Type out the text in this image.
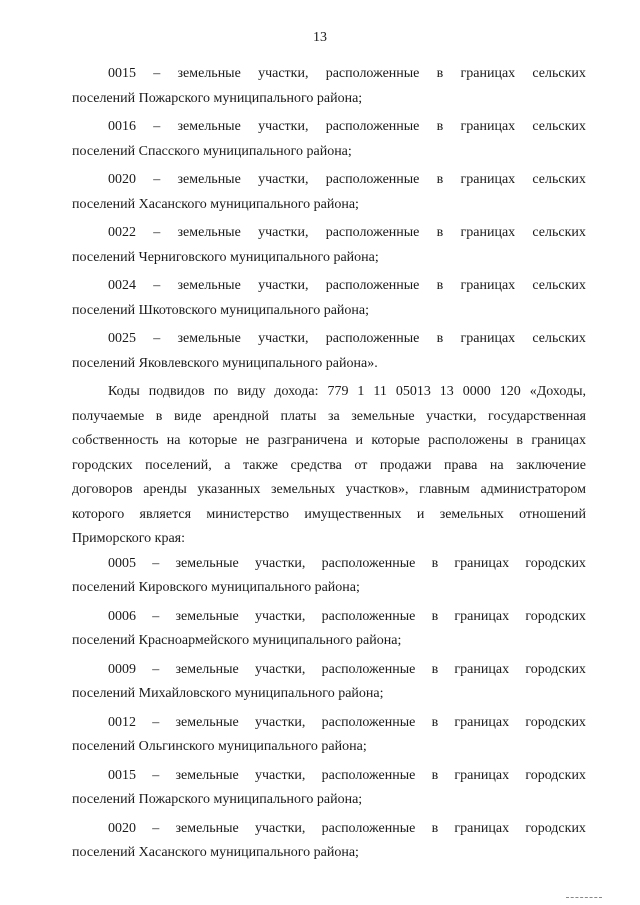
13
0015 – земельные участки, расположенные в границах сельских
поселений Пожарского муниципального района;
0016 – земельные участки, расположенные в границах сельских
поселений Спасского муниципального района;
0020 – земельные участки, расположенные в границах сельских
поселений Хасанского муниципального района;
0022 – земельные участки, расположенные в границах сельских
поселений Черниговского муниципального района;
0024 – земельные участки, расположенные в границах сельских
поселений Шкотовского муниципального района;
0025 – земельные участки, расположенные в границах сельских
поселений Яковлевского муниципального района».
Коды подвидов по виду дохода: 779 1 11 05013 13 0000 120 «Доходы,
получаемые в виде арендной платы за земельные участки, государственная
собственность на которые не разграничена и которые расположены в границах
городских поселений, а также средства от продажи права на заключение
договоров аренды указанных земельных участков», главным администратором
которого является министерство имущественных и земельных отношений
Приморского края:
0005 – земельные участки, расположенные в границах городских
поселений Кировского муниципального района;
0006 – земельные участки, расположенные в границах городских
поселений Красноармейского муниципального района;
0009 – земельные участки, расположенные в границах городских
поселений Михайловского муниципального района;
0012 – земельные участки, расположенные в границах городских
поселений Ольгинского муниципального района;
0015 – земельные участки, расположенные в границах городских
поселений Пожарского муниципального района;
0020 – земельные участки, расположенные в границах городских
поселений Хасанского муниципального района;
